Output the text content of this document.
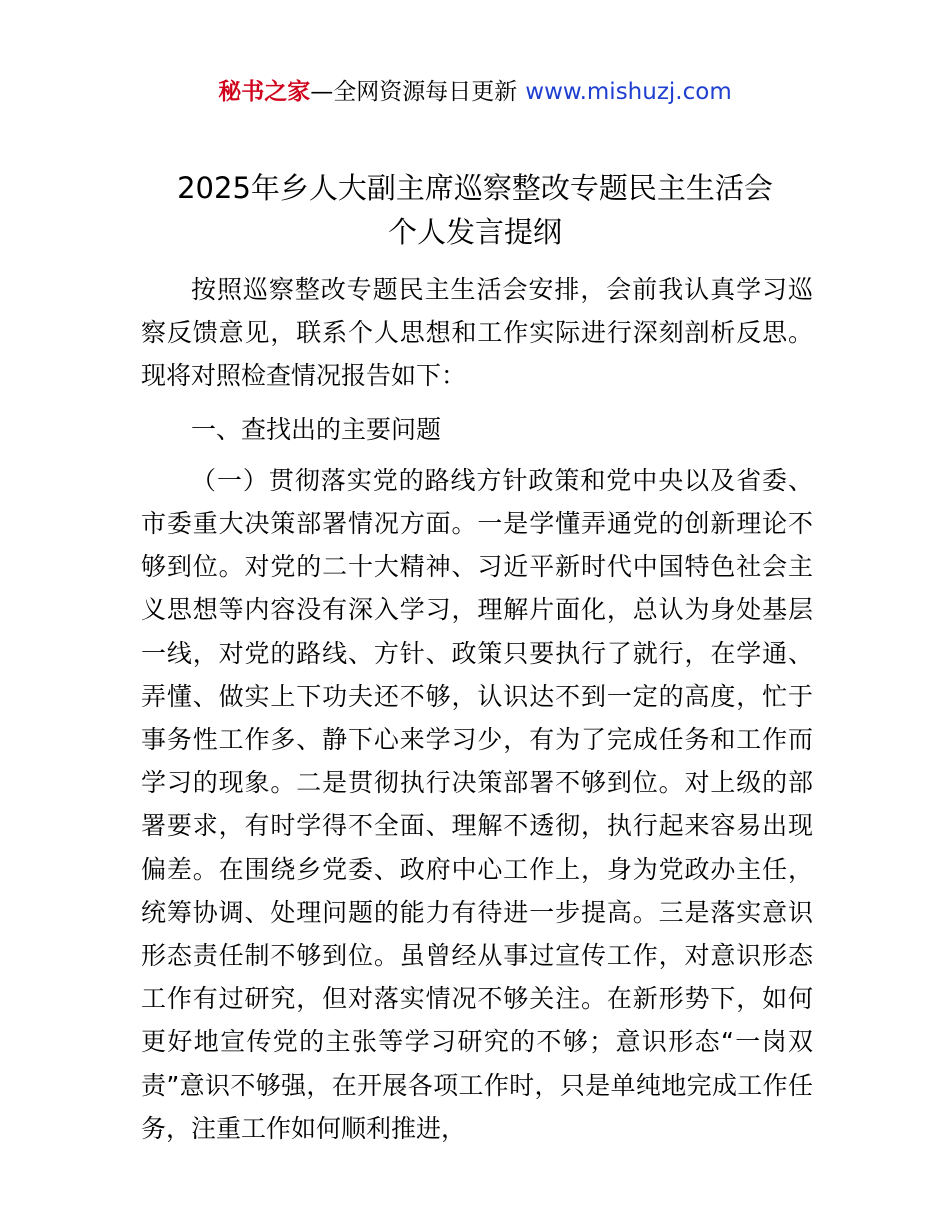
秘书之家—全网资源每日更新 www.mishuzj.com
2025年乡人大副主席巡察整改专题民主生活会
个人发言提纲

按照巡察整改专题民主生活会安排，会前我认真学习巡察反馈意见，联系个人思想和工作实际进行深刻剖析反思。现将对照检查情况报告如下：

一、查找出的主要问题

（一）贯彻落实党的路线方针政策和党中央以及省委、市委重大决策部署情况方面。一是学懂弄通党的创新理论不够到位。对党的二十大精神、习近平新时代中国特色社会主义思想等内容没有深入学习，理解片面化，总认为身处基层一线，对党的路线、方针、政策只要执行了就行，在学通、弄懂、做实上下功夫还不够，认识达不到一定的高度，忙于事务性工作多、静下心来学习少，有为了完成任务和工作而学习的现象。二是贯彻执行决策部署不够到位。对上级的部署要求，有时学得不全面、理解不透彻，执行起来容易出现偏差。在围绕乡党委、政府中心工作上，身为党政办主任，统筹协调、处理问题的能力有待进一步提高。三是落实意识形态责任制不够到位。虽曾经从事过宣传工作，对意识形态工作有过研究，但对落实情况不够关注。在新形势下，如何更好地宣传党的主张等学习研究的不够；意识形态“一岗双责”意识不够强，在开展各项工作时，只是单纯地完成工作任务，注重工作如何顺利推进，
